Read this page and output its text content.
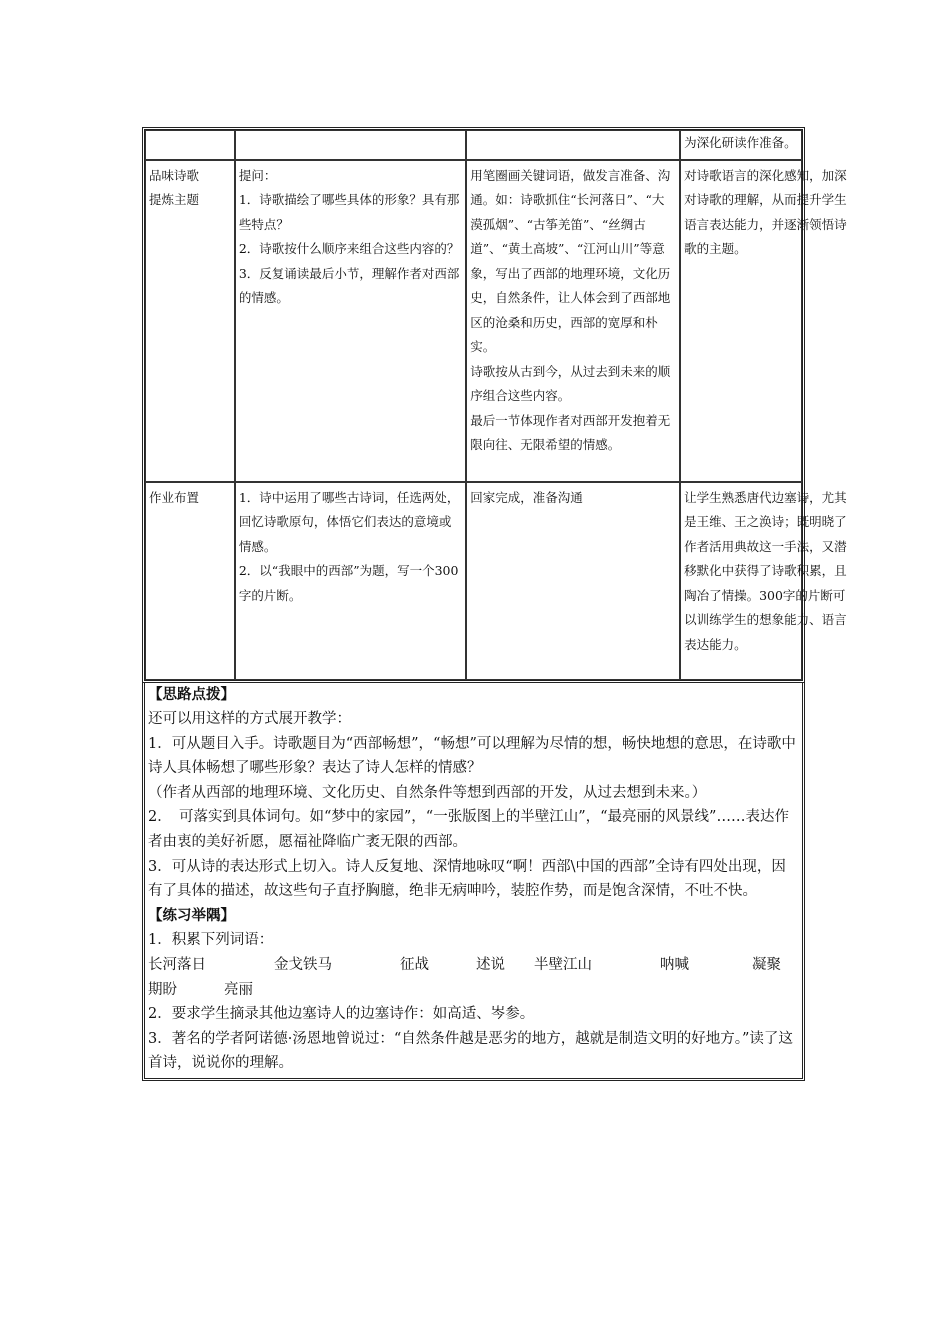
			为深化研读作准备。

品味诗歌
提炼主题	提问：
1．诗歌描绘了哪些具体的形象？具有那些特点？
2．诗歌按什么顺序来组合这些内容的？
3．反复诵读最后小节，理解作者对西部的情感。	用笔圈画关键词语，做发言准备、沟通。如：诗歌抓住“长河落日”、“大漠孤烟”、“古筝羌笛”、“丝绸古道”、“黄土高坡”、“江河山川”等意象，写出了西部的地理环境，文化历史，自然条件，让人体会到了西部地区的沧桑和历史，西部的宽厚和朴实。
诗歌按从古到今，从过去到未来的顺序组合这些内容。
最后一节体现作者对西部开发抱着无限向往、无限希望的情感。	对诗歌语言的深化感知，加深对诗歌的理解，从而提升学生语言表达能力，并逐渐领悟诗歌的主题。

作业布置	1．诗中运用了哪些古诗词，任选两处，回忆诗歌原句，体悟它们表达的意境或情感。
2．以“我眼中的西部”为题，写一个300字的片断。	回家完成，准备沟通	让学生熟悉唐代边塞诗，尤其是王维、王之涣诗；既明晓了作者活用典故这一手法，又潜移默化中获得了诗歌积累，且陶冶了情操。300字的片断可以训练学生的想象能力、语言表达能力。
【思路点拨】

还可以用这样的方式展开教学：

1．可从题目入手。诗歌题目为“西部畅想”，“畅想”可以理解为尽情的想，畅快地想的意思，在诗歌中诗人具体畅想了哪些形象？表达了诗人怎样的情感？

（作者从西部的地理环境、文化历史、自然条件等想到西部的开发，从过去想到未来。）

2．　可落实到具体词句。如“梦中的家园”，“一张版图上的半壁江山”，“最亮丽的风景线”……表达作者由衷的美好祈愿，愿福祉降临广袤无限的西部。

3．可从诗的表达形式上切入。诗人反复地、深情地咏叹“啊！西部\中国的西部”全诗有四处出现，因有了具体的描述，故这些句子直抒胸臆，绝非无病呻吟，装腔作势，而是饱含深情，不吐不快。

【练习举隅】

1．积累下列词语：

长河落日	金戈铁马	征战	述说	半壁江山	呐喊	凝聚
期盼	亮丽

2．要求学生摘录其他边塞诗人的边塞诗作：如高适、岑参。

3．著名的学者阿诺德·汤恩地曾说过：“自然条件越是恶劣的地方，越就是制造文明的好地方。”读了这首诗，说说你的理解。
